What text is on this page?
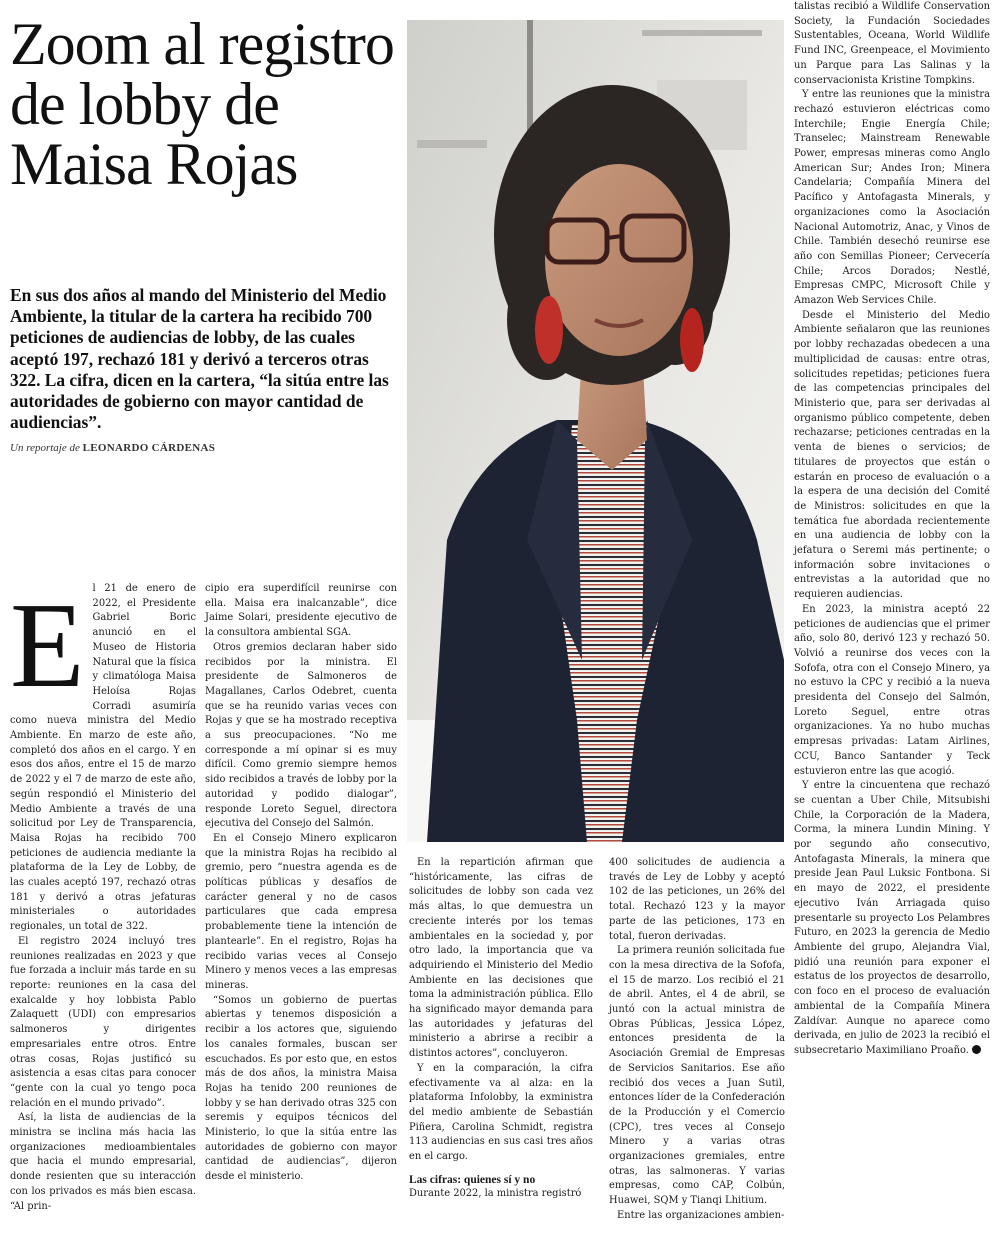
Zoom al registro de lobby de Maisa Rojas

En sus dos años al mando del Ministerio del Medio Ambiente, la titular de la cartera ha recibido 700 peticiones de audiencias de lobby, de las cuales aceptó 197, rechazó 181 y derivó a terceros otras 322. La cifra, dicen en la cartera, “la sitúa entre las autoridades de gobierno con mayor cantidad de audiencias”.

Un reportaje de LEONARDO CÁRDENAS
E l 21 de enero de 2022, el Presidente Gabriel Boric anunció en el Museo de Historia Natural que la física y climatóloga Maisa Heloísa Rojas Corradi asumiría como nueva ministra del Medio Ambiente. En marzo de este año, completó dos años en el cargo. Y en esos dos años, entre el 15 de marzo de 2022 y el 7 de marzo de este año, según respondió el Ministerio del Medio Ambiente a través de una solicitud por Ley de Transparencia, Maisa Rojas ha recibido 700 peticiones de audiencia mediante la plataforma de la Ley de Lobby, de las cuales aceptó 197, rechazó otras 181 y derivó a otras jefaturas ministeriales o autoridades regionales, un total de 322.

El registro 2024 incluyó tres reuniones realizadas en 2023 y que fue forzada a incluir más tarde en su reporte: reuniones en la casa del exalcalde y hoy lobbista Pablo Zalaquett (UDI) con empresarios salmoneros y dirigentes empresariales entre otros. Entre otras cosas, Rojas justificó su asistencia a esas citas para conocer “gente con la cual yo tengo poca relación en el mundo privado”.

Así, la lista de audiencias de la ministra se inclina más hacia las organizaciones medioambientales que hacia el mundo empresarial, donde resienten que su interacción con los privados es más bien escasa. “Al prin-

cipio era superdifícil reunirse con ella. Maisa era inalcanzable”, dice Jaime Solari, presidente ejecutivo de la consultora ambiental SGA.

Otros gremios declaran haber sido recibidos por la ministra. El presidente de Salmoneros de Magallanes, Carlos Odebret, cuenta que se ha reunido varias veces con Rojas y que se ha mostrado receptiva a sus preocupaciones. “No me corresponde a mí opinar si es muy difícil. Como gremio siempre hemos sido recibidos a través de lobby por la autoridad y podido dialogar”, responde Loreto Seguel, directora ejecutiva del Consejo del Salmón.

En el Consejo Minero explicaron que la ministra Rojas ha recibido al gremio, pero “nuestra agenda es de políticas públicas y desafíos de carácter general y no de casos particulares que cada empresa probablemente tiene la intención de plantearle”. En el registro, Rojas ha recibido varias veces al Consejo Minero y menos veces a las empresas mineras.

“Somos un gobierno de puertas abiertas y tenemos disposición a recibir a los actores que, siguiendo los canales formales, buscan ser escuchados. Es por esto que, en estos más de dos años, la ministra Maisa Rojas ha tenido 200 reuniones de lobby y se han derivado otras 325 con seremis y equipos técnicos del Ministerio, lo que la sitúa entre las autoridades de gobierno con mayor cantidad de audiencias”, dijeron desde el ministerio.

En la repartición afirman que “históricamente, las cifras de solicitudes de lobby son cada vez más altas, lo que demuestra un creciente interés por los temas ambientales en la sociedad y, por otro lado, la importancia que va adquiriendo el Ministerio del Medio Ambiente en las decisiones que toma la administración pública. Ello ha significado mayor demanda para las autoridades y jefaturas del ministerio a abrirse a recibir a distintos actores”, concluyeron.

Y en la comparación, la cifra efectivamente va al alza: en la plataforma Infolobby, la exministra del medio ambiente de Sebastián Piñera, Carolina Schmidt, registra 113 audiencias en sus casi tres años en el cargo.

Las cifras: quienes sí y no

Durante 2022, la ministra registró

400 solicitudes de audiencia a través de Ley de Lobby y aceptó 102 de las peticiones, un 26% del total. Rechazó 123 y la mayor parte de las peticiones, 173 en total, fueron derivadas.

La primera reunión solicitada fue con la mesa directiva de la Sofofa, el 15 de marzo. Los recibió el 21 de abril. Antes, el 4 de abril, se juntó con la actual ministra de Obras Públicas, Jessica López, entonces presidenta de la Asociación Gremial de Empresas de Servicios Sanitarios. Ese año recibió dos veces a Juan Sutil, entonces líder de la Confederación de la Producción y el Comercio (CPC), tres veces al Consejo Minero y a varias otras organizaciones gremiales, entre otras, las salmoneras. Y varias empresas, como CAP, Colbún, Huawei, SQM y Tianqi Lhitium.

Entre las organizaciones ambien-

talistas recibió a Wildlife Conservation Society, la Fundación Sociedades Sustentables, Oceana, World Wildlife Fund INC, Greenpeace, el Movimiento un Parque para Las Salinas y la conservacionista Kristine Tompkins.

Y entre las reuniones que la ministra rechazó estuvieron eléctricas como Interchile; Engie Energía Chile; Transelec; Mainstream Renewable Power, empresas mineras como Anglo American Sur; Andes Iron; Minera Candelaria; Compañía Minera del Pacífico y Antofagasta Minerals, y organizaciones como la Asociación Nacional Automotriz, Anac, y Vinos de Chile. También desechó reunirse ese año con Semillas Pioneer; Cervecería Chile; Arcos Dorados; Nestlé, Empresas CMPC, Microsoft Chile y Amazon Web Services Chile.

Desde el Ministerio del Medio Ambiente señalaron que las reuniones por lobby rechazadas obedecen a una multiplicidad de causas: entre otras, solicitudes repetidas; peticiones fuera de las competencias principales del Ministerio que, para ser derivadas al organismo público competente, deben rechazarse; peticiones centradas en la venta de bienes o servicios; de titulares de proyectos que están o estarán en proceso de evaluación o a la espera de una decisión del Comité de Ministros: solicitudes en que la temática fue abordada recientemente en una audiencia de lobby con la jefatura o Seremi más pertinente; o información sobre invitaciones o entrevistas a la autoridad que no requieren audiencias.

En 2023, la ministra aceptó 22 peticiones de audiencias que el primer año, solo 80, derivó 123 y rechazó 50. Volvió a reunirse dos veces con la Sofofa, otra con el Consejo Minero, ya no estuvo la CPC y recibió a la nueva presidenta del Consejo del Salmón, Loreto Seguel, entre otras organizaciones. Ya no hubo muchas empresas privadas: Latam Airlines, CCU, Banco Santander y Teck estuvieron entre las que acogió.

Y entre la cincuentena que rechazó se cuentan a Uber Chile, Mitsubishi Chile, la Corporación de la Madera, Corma, la minera Lundin Mining. Y por segundo año consecutivo, Antofagasta Minerals, la minera que preside Jean Paul Luksic Fontbona. Si en mayo de 2022, el presidente ejecutivo Iván Arriagada quiso presentarle su proyecto Los Pelambres Futuro, en 2023 la gerencia de Medio Ambiente del grupo, Alejandra Vial, pidió una reunión para exponer el estatus de los proyectos de desarrollo, con foco en el proceso de evaluación ambiental de la Compañía Minera Zaldívar. Aunque no aparece como derivada, en julio de 2023 la recibió el subsecretario Maximiliano Proaño.
